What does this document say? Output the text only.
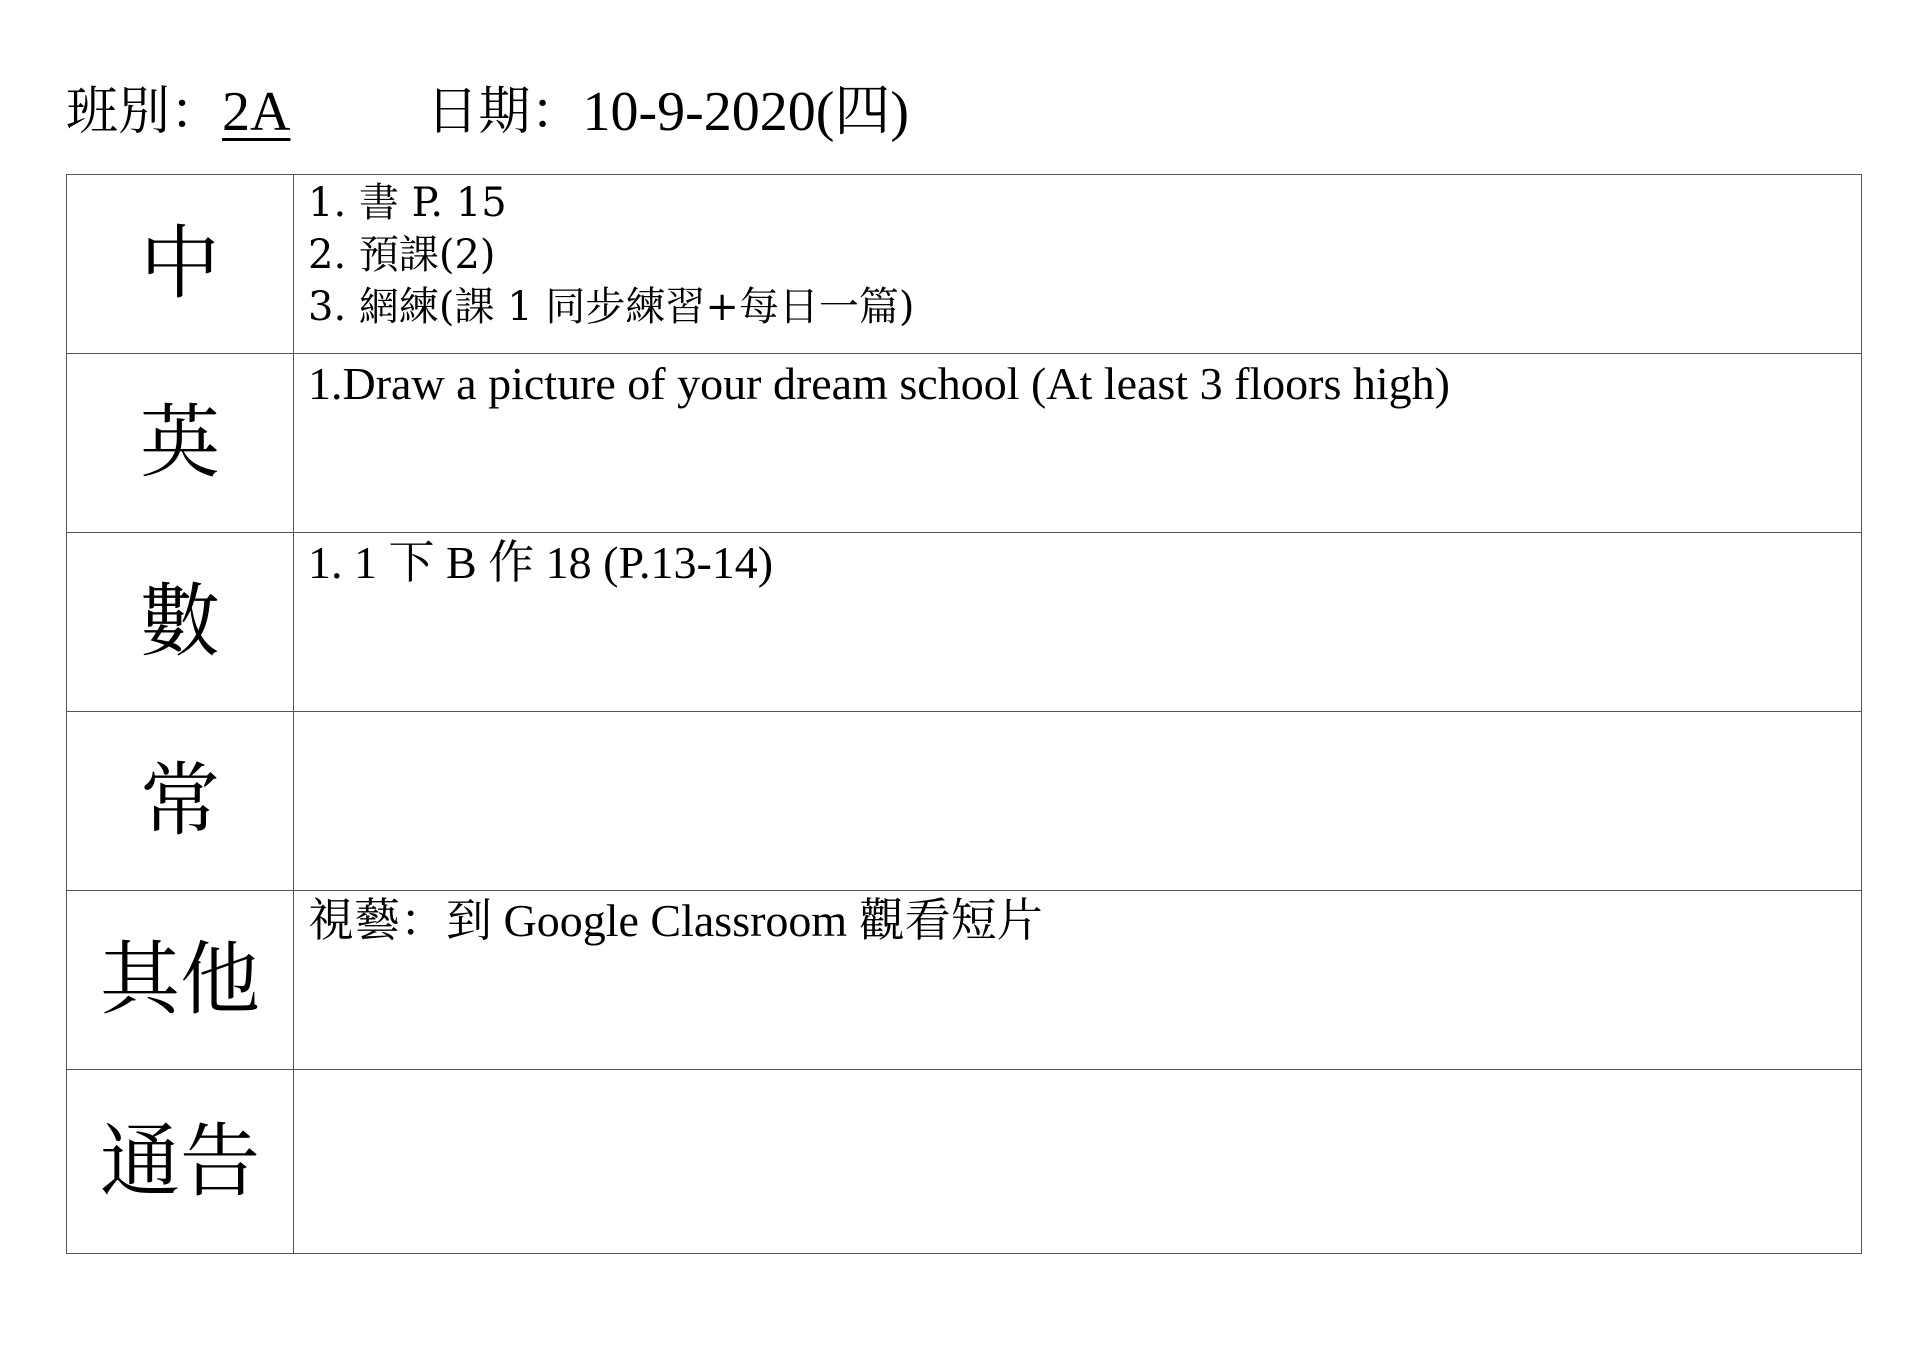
班別： 2A	日期： 10-9-2020(四)
中	1. 書 P. 15
2. 預課(2)
3. 網練(課 1 同步練習+每日一篇)

英	1.Draw a picture of your dream school (At least 3 floors high)

數	1. 1 下 B 作 18 (P.13-14)

常	
其他	視藝：到 Google Classroom 觀看短片

通告	
